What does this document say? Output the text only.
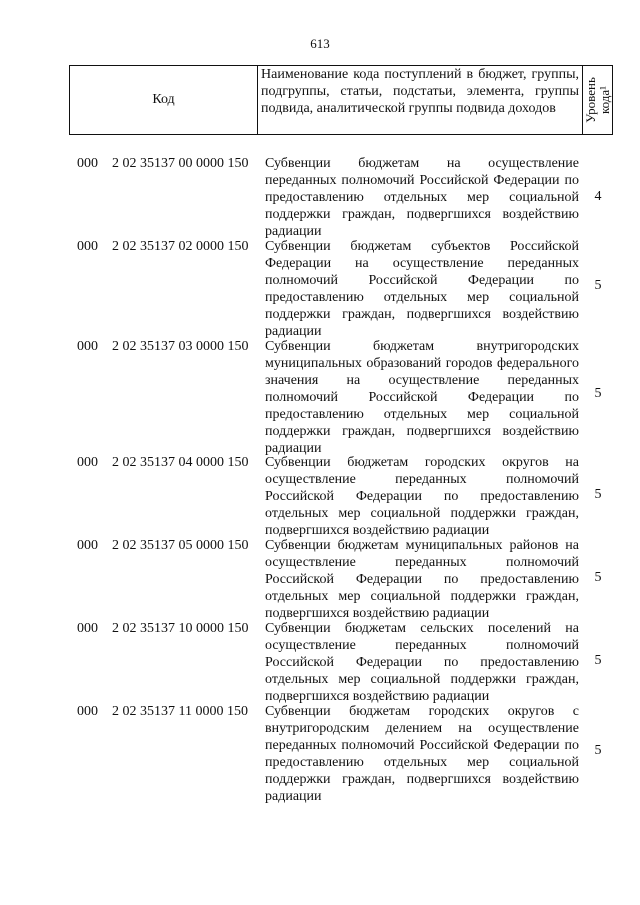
613
Код
Наименование кода поступлений в бюджет, группы, подгруппы, статьи, подстатьи, элемента, группы подвида, аналитической группы подвида доходов	Уровень кода¹
000 2 02 35137 00 0000 150 Субвенции бюджетам на осуществление переданных полномочий Российской Федерации по предоставлению отдельных мер социальной поддержки граждан, подвергшихся воздействию радиации
4
000 2 02 35137 02 0000 150 Субвенции бюджетам субъектов Российской Федерации на осуществление переданных полномочий Российской Федерации по предоставлению отдельных мер социальной поддержки граждан, подвергшихся воздействию радиации
5
000 2 02 35137 03 0000 150 Субвенции бюджетам внутригородских муниципальных образований городов федерального значения на осуществление переданных полномочий Российской Федерации по предоставлению отдельных мер социальной поддержки граждан, подвергшихся воздействию радиации
5
000 2 02 35137 04 0000 150 Субвенции бюджетам городских округов на осуществление переданных полномочий Российской Федерации по предоставлению отдельных мер социальной поддержки граждан, подвергшихся воздействию радиации
5
000 2 02 35137 05 0000 150 Субвенции бюджетам муниципальных районов на осуществление переданных полномочий Российской Федерации по предоставлению отдельных мер социальной поддержки граждан, подвергшихся воздействию радиации
5
000 2 02 35137 10 0000 150 Субвенции бюджетам сельских поселений на осуществление переданных полномочий Российской Федерации по предоставлению отдельных мер социальной поддержки граждан, подвергшихся воздействию радиации
5
000 2 02 35137 11 0000 150 Субвенции бюджетам городских округов с внутригородским делением на осуществление переданных полномочий Российской Федерации по предоставлению отдельных мер социальной поддержки граждан, подвергшихся воздействию радиации
5
